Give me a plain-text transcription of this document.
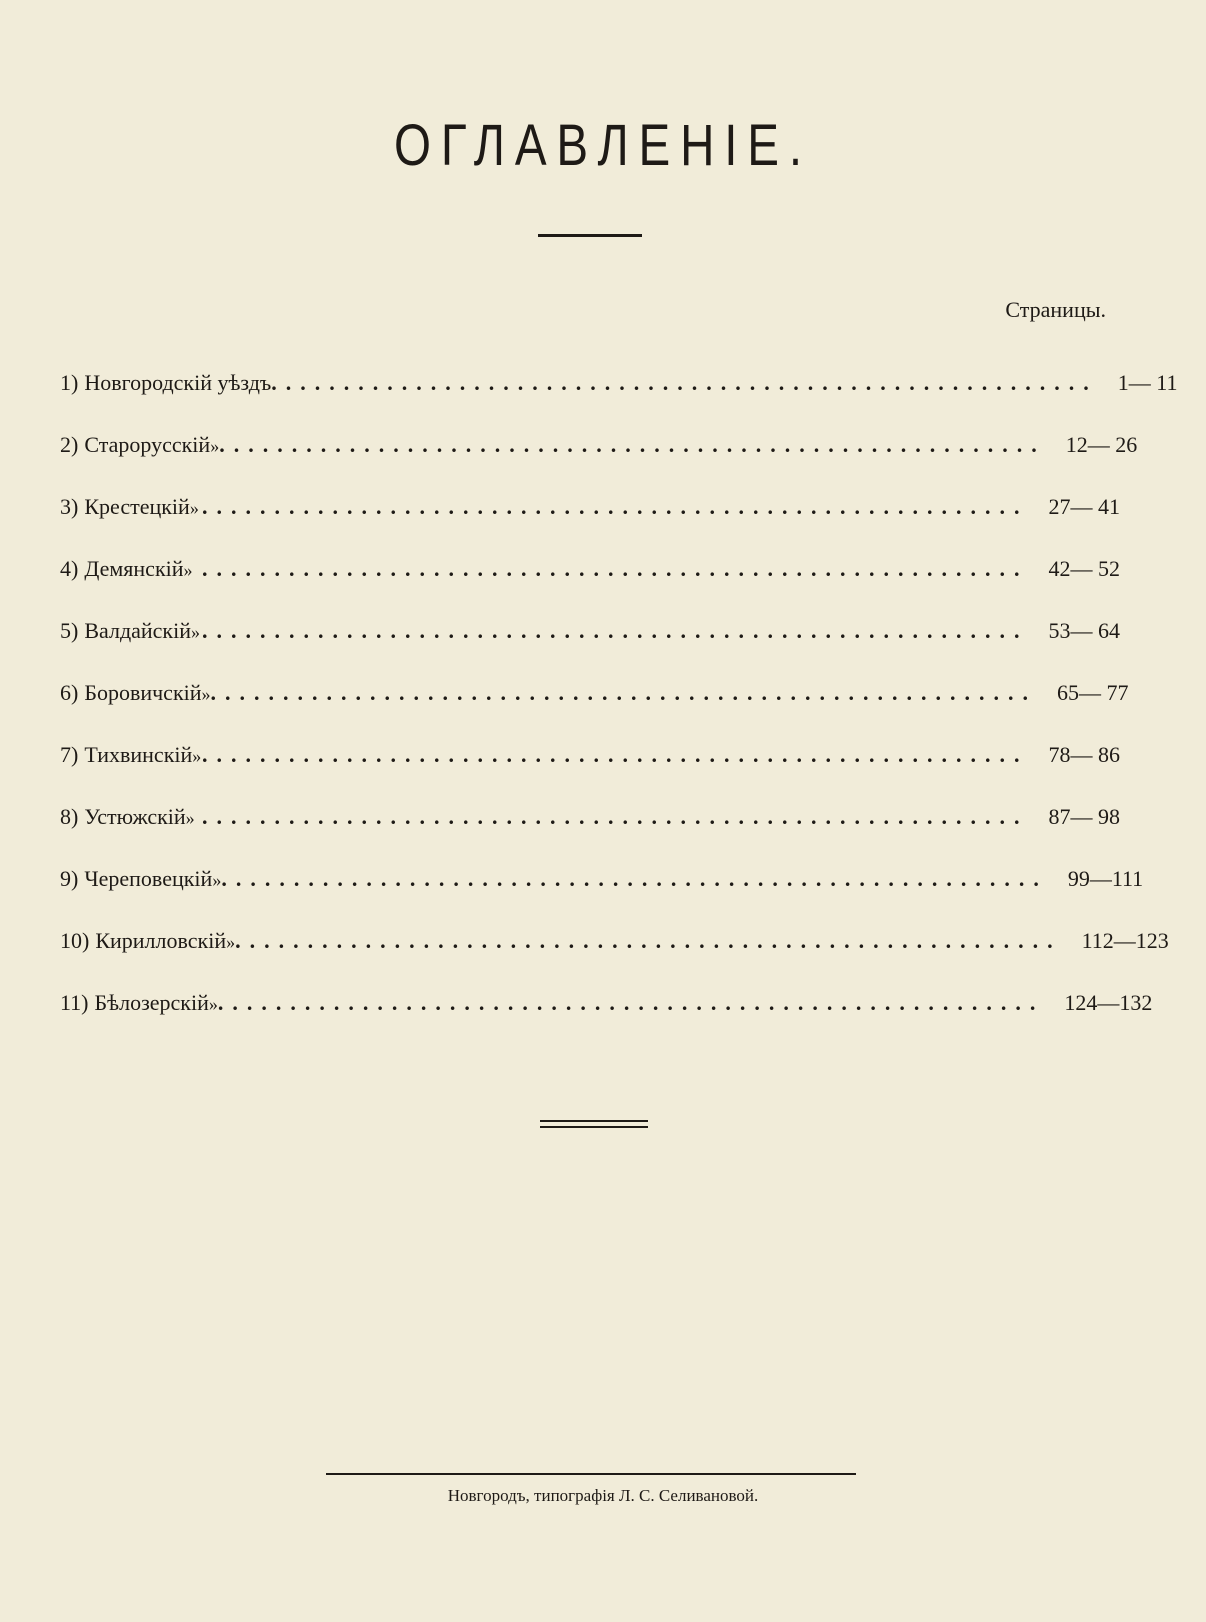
ОГЛАВЛЕНІЕ.
Страницы.
1) Новгородскій уѣздъ ......................................................... 1— 11
2) Старорусскій » ......................................................... 12— 26
3) Крестецкій » ......................................................... 27— 41
4) Демянскій » ......................................................... 42— 52
5) Валдайскій » ......................................................... 53— 64
6) Боровичскій » ......................................................... 65— 77
7) Тихвинскій » ......................................................... 78— 86
8) Устюжскій » ......................................................... 87— 98
9) Череповецкій » ......................................................... 99—111
10) Кирилловскій » ......................................................... 112—123
11) Бѣлозерскій » ......................................................... 124—132
Новгородъ, типографія Л. С. Селивановой.
